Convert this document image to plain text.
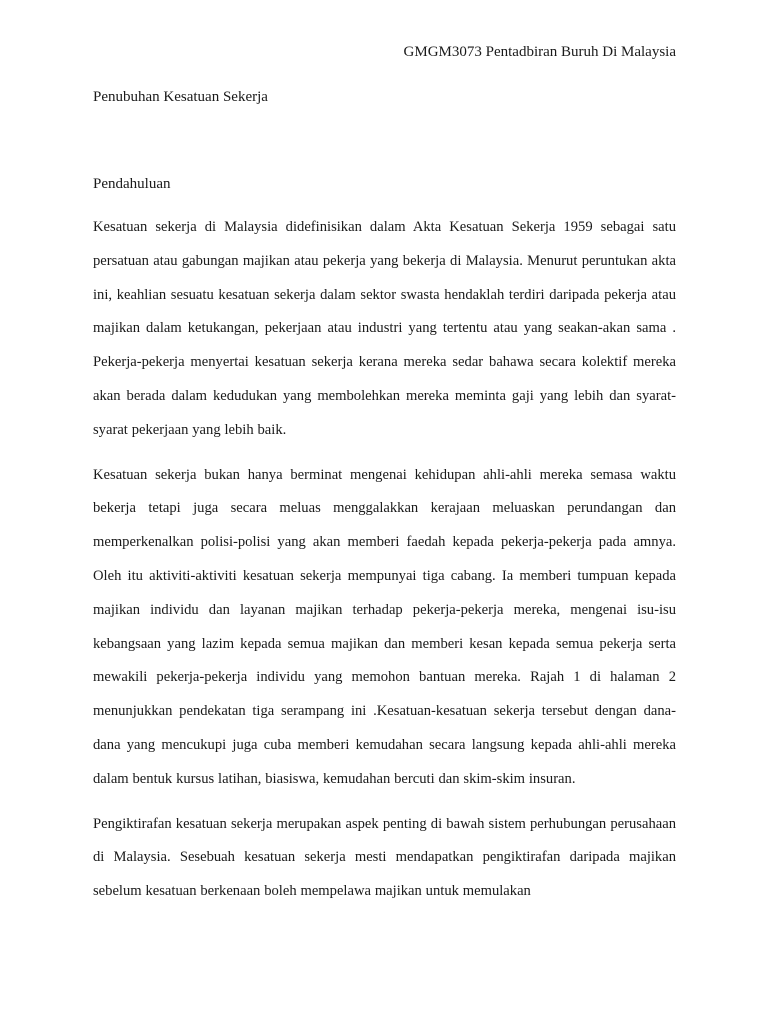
GMGM3073 Pentadbiran Buruh Di Malaysia
Penubuhan Kesatuan Sekerja
Pendahuluan

Kesatuan sekerja di Malaysia didefinisikan dalam Akta Kesatuan Sekerja 1959 sebagai satu persatuan atau gabungan majikan atau pekerja yang bekerja di Malaysia. Menurut peruntukan akta ini, keahlian sesuatu kesatuan sekerja dalam sektor swasta hendaklah terdiri daripada pekerja atau majikan dalam ketukangan, pekerjaan atau industri yang tertentu atau yang seakan-akan sama . Pekerja-pekerja menyertai kesatuan sekerja kerana mereka sedar bahawa secara kolektif mereka akan berada dalam kedudukan yang membolehkan mereka meminta gaji yang lebih dan syarat-syarat pekerjaan yang lebih baik.

Kesatuan sekerja bukan hanya berminat mengenai kehidupan ahli-ahli mereka semasa waktu bekerja tetapi juga secara meluas menggalakkan kerajaan meluaskan perundangan dan memperkenalkan polisi-polisi yang akan memberi faedah kepada pekerja-pekerja pada amnya. Oleh itu aktiviti-aktiviti kesatuan sekerja mempunyai tiga cabang. Ia memberi tumpuan kepada majikan individu dan layanan majikan terhadap pekerja-pekerja mereka, mengenai isu-isu kebangsaan yang lazim kepada semua majikan dan memberi kesan kepada semua pekerja serta mewakili pekerja-pekerja individu yang memohon bantuan mereka. Rajah 1 di halaman 2 menunjukkan pendekatan tiga serampang ini .Kesatuan-kesatuan sekerja tersebut dengan dana-dana yang mencukupi juga cuba memberi kemudahan secara langsung kepada ahli-ahli mereka dalam bentuk kursus latihan, biasiswa, kemudahan bercuti dan skim-skim insuran.

Pengiktirafan kesatuan sekerja merupakan aspek penting di bawah sistem perhubungan perusahaan di Malaysia. Sesebuah kesatuan sekerja mesti mendapatkan pengiktirafan daripada majikan sebelum kesatuan berkenaan boleh mempelawa majikan untuk memulakan
